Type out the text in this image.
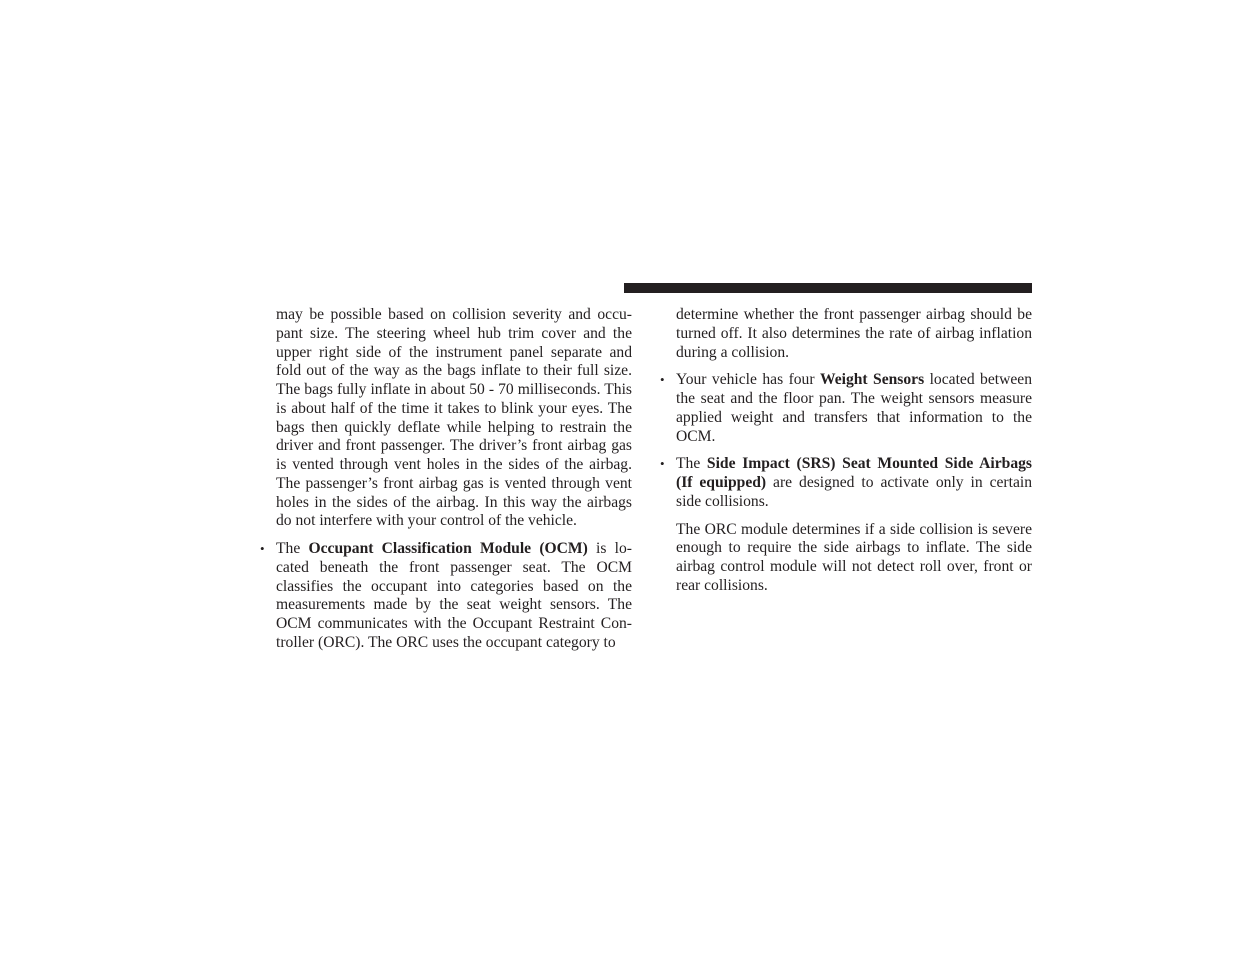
may be possible based on collision severity and occupant size. The steering wheel hub trim cover and the upper right side of the instrument panel separate and fold out of the way as the bags inflate to their full size. The bags fully inflate in about 50 - 70 milliseconds. This is about half of the time it takes to blink your eyes. The bags then quickly deflate while helping to restrain the driver and front passenger. The driver’s front airbag gas is vented through vent holes in the sides of the airbag. The passenger’s front airbag gas is vented through vent holes in the sides of the airbag. In this way the airbags do not interfere with your control of the vehicle.

• The Occupant Classification Module (OCM) is located beneath the front passenger seat. The OCM classifies the occupant into categories based on the measurements made by the seat weight sensors. The OCM communicates with the Occupant Restraint Controller (ORC). The ORC uses the occupant category to

determine whether the front passenger airbag should be turned off. It also determines the rate of airbag inflation during a collision.

• Your vehicle has four Weight Sensors located between the seat and the floor pan. The weight sensors measure applied weight and transfers that information to the OCM.

• The Side Impact (SRS) Seat Mounted Side Airbags (If equipped) are designed to activate only in certain side collisions.

The ORC module determines if a side collision is severe enough to require the side airbags to inflate. The side airbag control module will not detect roll over, front or rear collisions.
